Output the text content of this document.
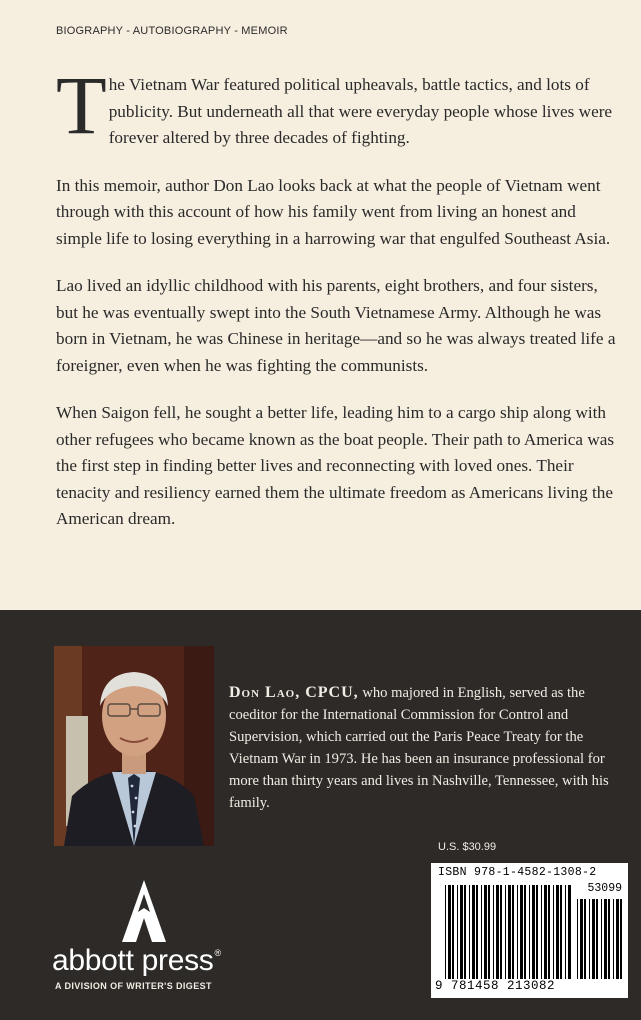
BIOGRAPHY - AUTOBIOGRAPHY - MEMOIR

The Vietnam War featured political upheavals, battle tactics, and lots of publicity. But underneath all that were everyday people whose lives were forever altered by three decades of fighting.

In this memoir, author Don Lao looks back at what the people of Vietnam went through with this account of how his family went from living an honest and simple life to losing everything in a harrowing war that engulfed Southeast Asia.

Lao lived an idyllic childhood with his parents, eight brothers, and four sisters, but he was eventually swept into the South Vietnamese Army. Although he was born in Vietnam, he was Chinese in heritage—and so he was always treated life a foreigner, even when he was fighting the communists.

When Saigon fell, he sought a better life, leading him to a cargo ship along with other refugees who became known as the boat people. Their path to America was the first step in finding better lives and reconnecting with loved ones. Their tenacity and resiliency earned them the ultimate freedom as Americans living the American dream.

Don Lao, CPCU, who majored in English, served as the coeditor for the International Commission for Control and Supervision, which carried out the Paris Peace Treaty for the Vietnam War in 1973. He has been an insurance professional for more than thirty years and lives in Nashville, Tennessee, with his family.
U.S. $30.99
ISBN 978-1-4582-1308-2
53099
9 781458 213082
abbott press®
A DIVISION OF WRITER'S DIGEST
